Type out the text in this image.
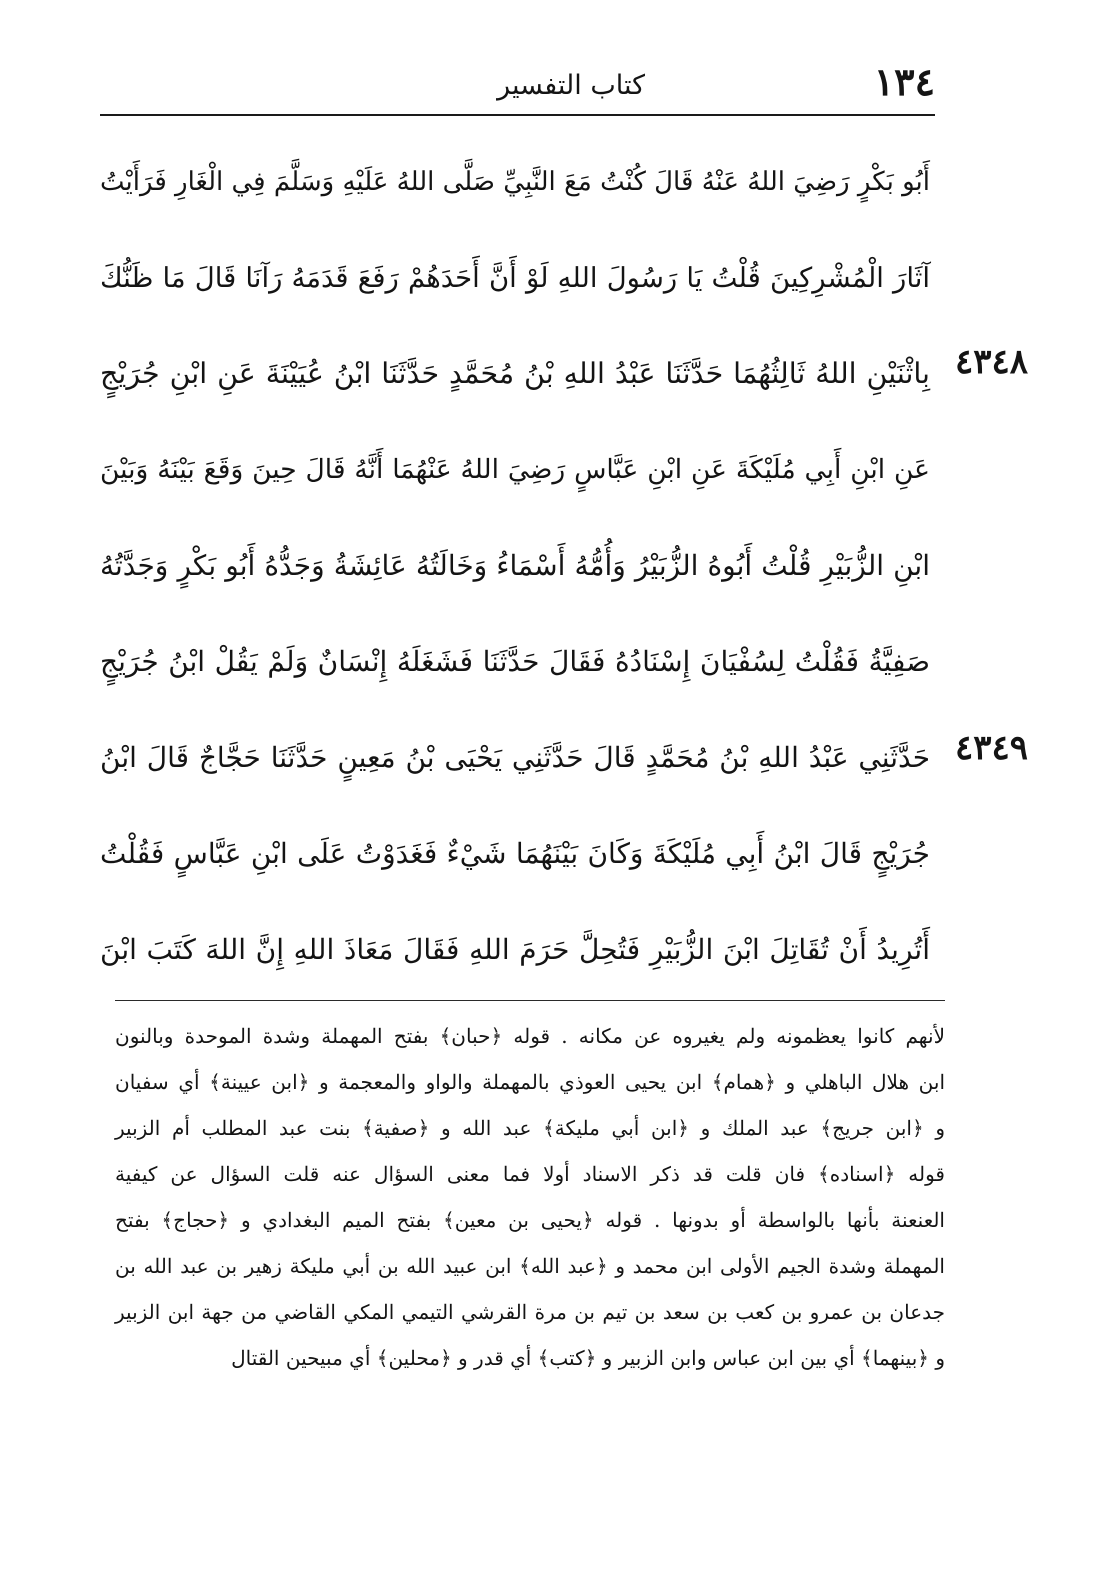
١٣٤
كتاب التفسير
٤٣٤٨
٤٣٤٩
أَبُو بَكْرٍ رَضِيَ اللهُ عَنْهُ قَالَ كُنْتُ مَعَ النَّبِيِّ صَلَّى اللهُ عَلَيْهِ وَسَلَّمَ فِي الْغَارِ فَرَأَيْتُ
آثَارَ الْمُشْرِكِينَ قُلْتُ يَا رَسُولَ اللهِ لَوْ أَنَّ أَحَدَهُمْ رَفَعَ قَدَمَهُ رَآنَا قَالَ مَا ظَنُّكَ
بِاثْنَيْنِ اللهُ ثَالِثُهُمَا حَدَّثَنَا عَبْدُ اللهِ بْنُ مُحَمَّدٍ حَدَّثَنَا ابْنُ عُيَيْنَةَ عَنِ ابْنِ جُرَيْجٍ
عَنِ ابْنِ أَبِي مُلَيْكَةَ عَنِ ابْنِ عَبَّاسٍ رَضِيَ اللهُ عَنْهُمَا أَنَّهُ قَالَ حِينَ وَقَعَ بَيْنَهُ وَبَيْنَ
ابْنِ الزُّبَيْرِ قُلْتُ أَبُوهُ الزُّبَيْرُ وَأُمُّهُ أَسْمَاءُ وَخَالَتُهُ عَائِشَةُ وَجَدُّهُ أَبُو بَكْرٍ وَجَدَّتُهُ
صَفِيَّةُ فَقُلْتُ لِسُفْيَانَ إِسْنَادُهُ فَقَالَ حَدَّثَنَا فَشَغَلَهُ إِنْسَانٌ وَلَمْ يَقُلْ ابْنُ جُرَيْجٍ
حَدَّثَنِي عَبْدُ اللهِ بْنُ مُحَمَّدٍ قَالَ حَدَّثَنِي يَحْيَى بْنُ مَعِينٍ حَدَّثَنَا حَجَّاجٌ قَالَ ابْنُ
جُرَيْجٍ قَالَ ابْنُ أَبِي مُلَيْكَةَ وَكَانَ بَيْنَهُمَا شَيْءٌ فَغَدَوْتُ عَلَى ابْنِ عَبَّاسٍ فَقُلْتُ
أَتُرِيدُ أَنْ تُقَاتِلَ ابْنَ الزُّبَيْرِ فَتُحِلَّ حَرَمَ اللهِ فَقَالَ مَعَاذَ اللهِ إِنَّ اللهَ كَتَبَ ابْنَ
لأنهم كانوا يعظمونه ولم يغيروه عن مكانه . قوله ﴿حبان﴾ بفتح المهملة وشدة الموحدة وبالنون
ابن هلال الباهلي و ﴿همام﴾ ابن يحيى العوذي بالمهملة والواو والمعجمة و ﴿ابن عيينة﴾ أي سفيان
و ﴿ابن جريج﴾ عبد الملك و ﴿ابن أبي مليكة﴾ عبد الله و ﴿صفية﴾ بنت عبد المطلب أم الزبير
قوله ﴿اسناده﴾ فان قلت قد ذكر الاسناد أولا فما معنى السؤال عنه قلت السؤال عن كيفية
العنعنة بأنها بالواسطة أو بدونها . قوله ﴿يحيى بن معين﴾ بفتح الميم البغدادي و ﴿حجاج﴾ بفتح
المهملة وشدة الجيم الأولى ابن محمد و ﴿عبد الله﴾ ابن عبيد الله بن أبي مليكة زهير بن عبد الله بن
جدعان بن عمرو بن كعب بن سعد بن تيم بن مرة القرشي التيمي المكي القاضي من جهة ابن الزبير
و ﴿بينهما﴾ أي بين ابن عباس وابن الزبير و ﴿كتب﴾ أي قدر و ﴿محلين﴾ أي مبيحين القتال
